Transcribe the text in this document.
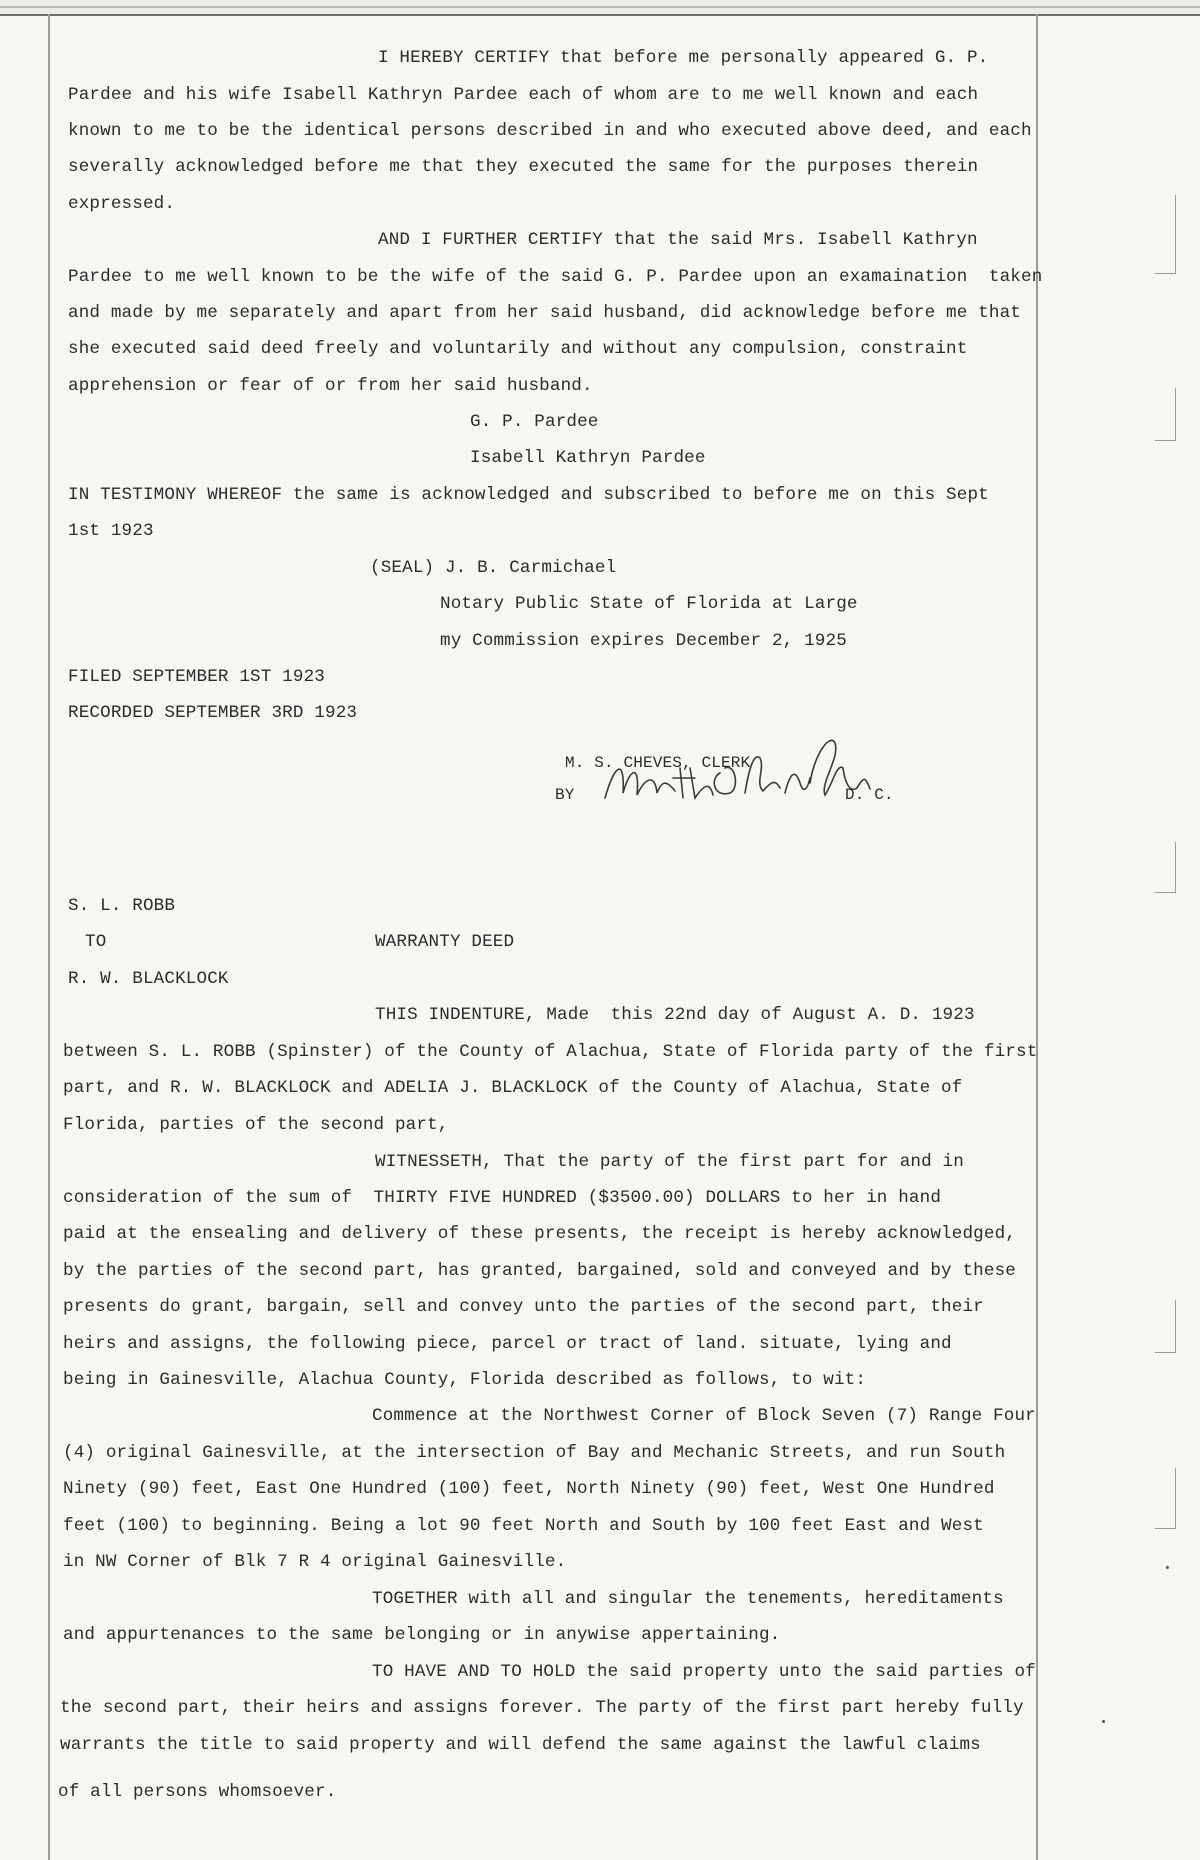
I HEREBY CERTIFY that before me personally appeared G. P.
Pardee and his wife Isabell Kathryn Pardee each of whom are to me well known and each
known to me to be the identical persons described in and who executed above deed, and each
severally acknowledged before me that they executed the same for the purposes therein
expressed.
AND I FURTHER CERTIFY that the said Mrs. Isabell Kathryn
Pardee to me well known to be the wife of the said G. P. Pardee upon an examaination  taken
and made by me separately and apart from her said husband, did acknowledge before me that
she executed said deed freely and voluntarily and without any compulsion, constraint
apprehension or fear of or from her said husband.
G. P. Pardee
Isabell Kathryn Pardee
IN TESTIMONY WHEREOF the same is acknowledged and subscribed to before me on this Sept
1st 1923
(SEAL) J. B. Carmichael
Notary Public State of Florida at Large
my Commission expires December 2, 1925
FILED SEPTEMBER 1ST 1923
RECORDED SEPTEMBER 3RD 1923
M. S. CHEVES, CLERK
BY	D. C.
S. L. ROBB
TO	WARRANTY DEED
R. W. BLACKLOCK
THIS INDENTURE, Made  this 22nd day of August A. D. 1923
between S. L. ROBB (Spinster) of the County of Alachua, State of Florida party of the first
part, and R. W. BLACKLOCK and ADELIA J. BLACKLOCK of the County of Alachua, State of
Florida, parties of the second part,
WITNESSETH, That the party of the first part for and in
consideration of the sum of  THIRTY FIVE HUNDRED ($3500.00) DOLLARS to her in hand
paid at the ensealing and delivery of these presents, the receipt is hereby acknowledged,
by the parties of the second part, has granted, bargained, sold and conveyed and by these
presents do grant, bargain, sell and convey unto the parties of the second part, their
heirs and assigns, the following piece, parcel or tract of land. situate, lying and
being in Gainesville, Alachua County, Florida described as follows, to wit:
Commence at the Northwest Corner of Block Seven (7) Range Four
(4) original Gainesville, at the intersection of Bay and Mechanic Streets, and run South
Ninety (90) feet, East One Hundred (100) feet, North Ninety (90) feet, West One Hundred
feet (100) to beginning. Being a lot 90 feet North and South by 100 feet East and West
in NW Corner of Blk 7 R 4 original Gainesville.
TOGETHER with all and singular the tenements, hereditaments
and appurtenances to the same belonging or in anywise appertaining.
TO HAVE AND TO HOLD the said property unto the said parties of
the second part, their heirs and assigns forever. The party of the first part hereby fully
warrants the title to said property and will defend the same against the lawful claims
of all persons whomsoever.
